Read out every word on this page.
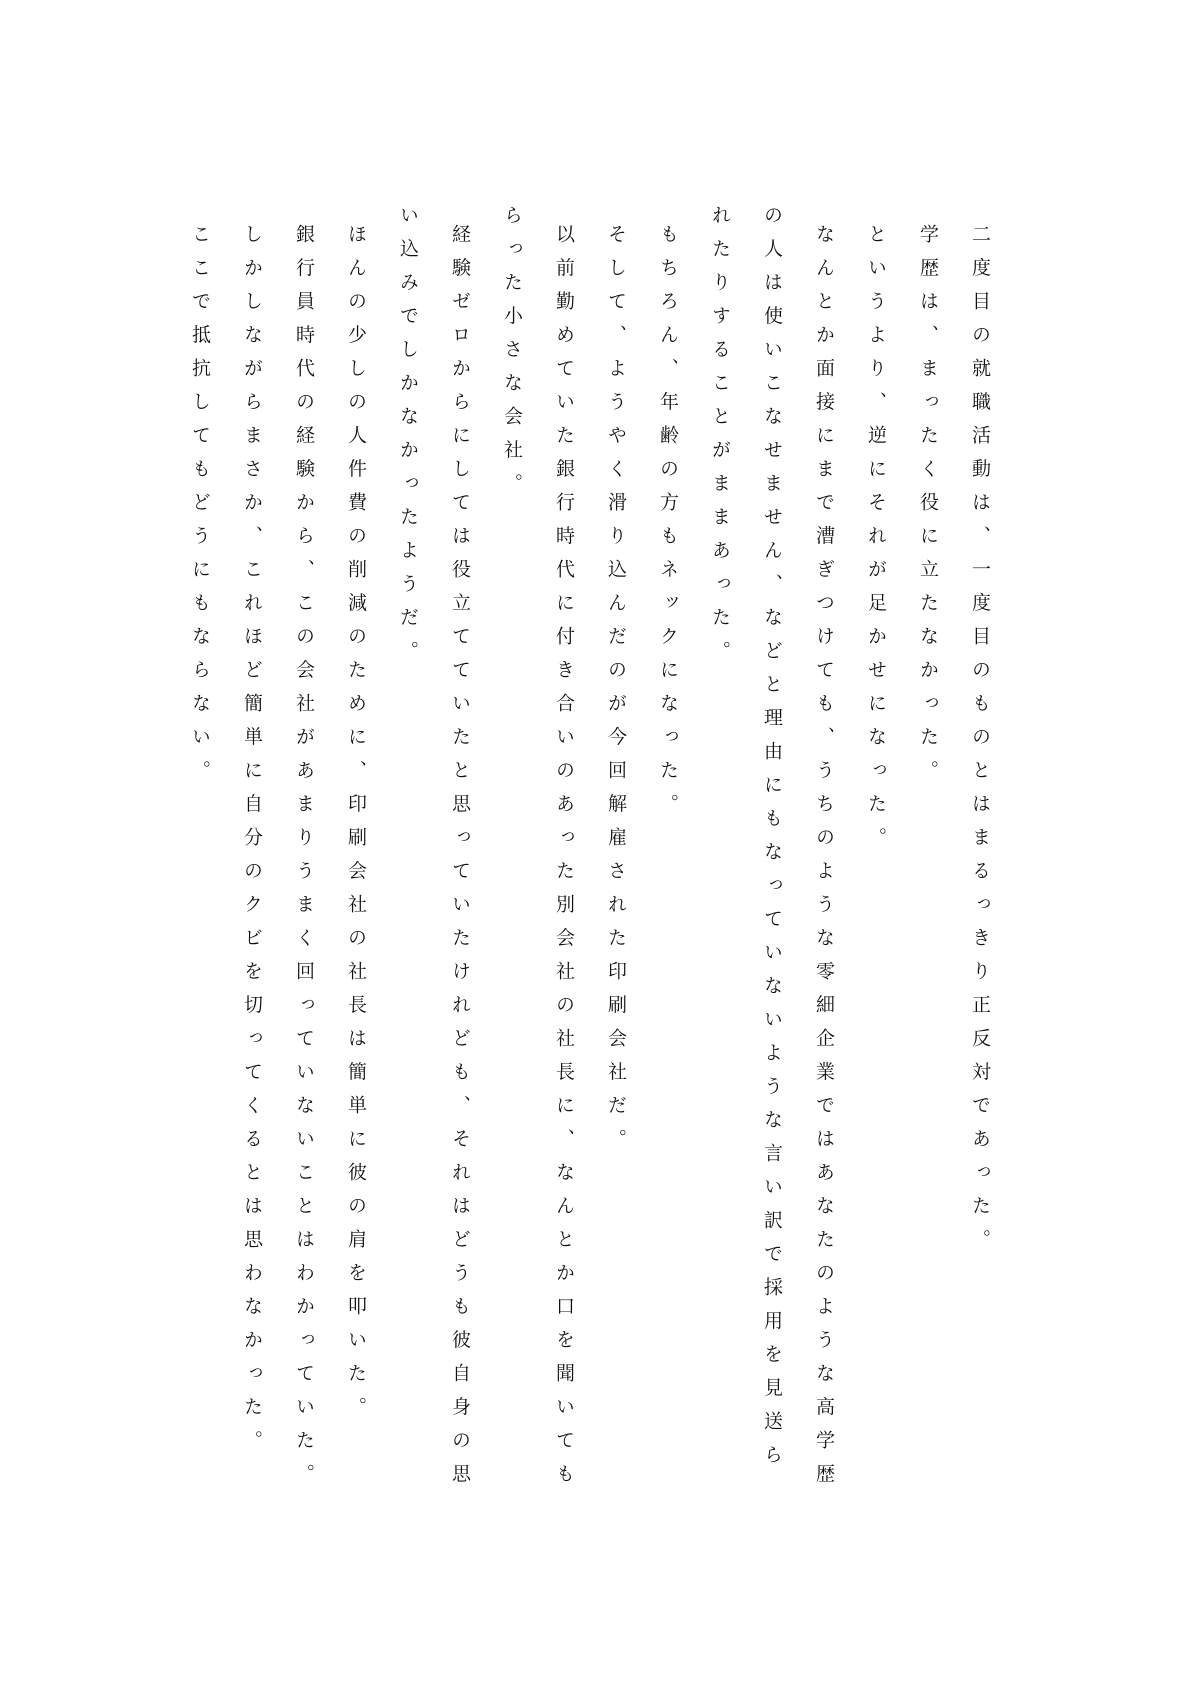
二度目の就職活動は、一度目のものとはまるっきり正反対であった。

学歴は、まったく役に立たなかった。

というより、逆にそれが足かせになった。

なんとか面接にまで漕ぎつけても、うちのような零細企業ではあなたのような高学歴の人は使いこなせません、などと理由にもなっていないような言い訳で採用を見送られたりすることがままあった。

もちろん、年齢の方もネックになった。

そして、ようやく滑り込んだのが今回解雇された印刷会社だ。

以前勤めていた銀行時代に付き合いのあった別会社の社長に、なんとか口を聞いてもらった小さな会社。

経験ゼロからにしては役立てていたと思っていたけれども、それはどうも彼自身の思い込みでしかなかったようだ。

ほんの少しの人件費の削減のために、印刷会社の社長は簡単に彼の肩を叩いた。

銀行員時代の経験から、この会社があまりうまく回っていないことはわかっていた。

しかしながらまさか、これほど簡単に自分のクビを切ってくるとは思わなかった。

ここで抵抗してもどうにもならない。
